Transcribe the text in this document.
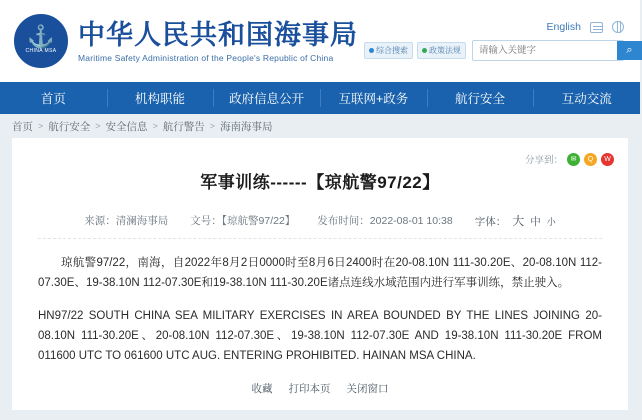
⚓
CHINA MSA
中华人民共和国海事局
Maritime Safety Administration of the People's Republic of China
English
综合搜索	政策法规
请输入关键字	⌕
首页	机构职能	政府信息公开	互联网+政务	航行安全	互动交流
首页 > 航行安全 > 安全信息 > 航行警告 > 海南海事局
分享到：	✉	Q	W
军事训练------【琼航警97/22】
来源：清澜海事局 文号：【琼航警97/22】 发布时间：2022-08-01 10:38 字体： 大 中 小

琼航警97/22，南海，自2022年8月2日0000时至8月6日2400时在20-08.10N 111-30.20E、20-08.10N 112-07.30E、19-38.10N 112-07.30E和19-38.10N 111-30.20E诸点连线水域范围内进行军事训练，禁止驶入。

HN97/22 SOUTH CHINA SEA MILITARY EXERCISES IN AREA BOUNDED BY THE LINES JOINING 20-08.10N 111-30.20E、20-08.10N 112-07.30E、19-38.10N 112-07.30E AND 19-38.10N 111-30.20E FROM 011600 UTC TO 061600 UTC AUG. ENTERING PROHIBITED. HAINAN MSA CHINA.

收藏 打印本页 关闭窗口
